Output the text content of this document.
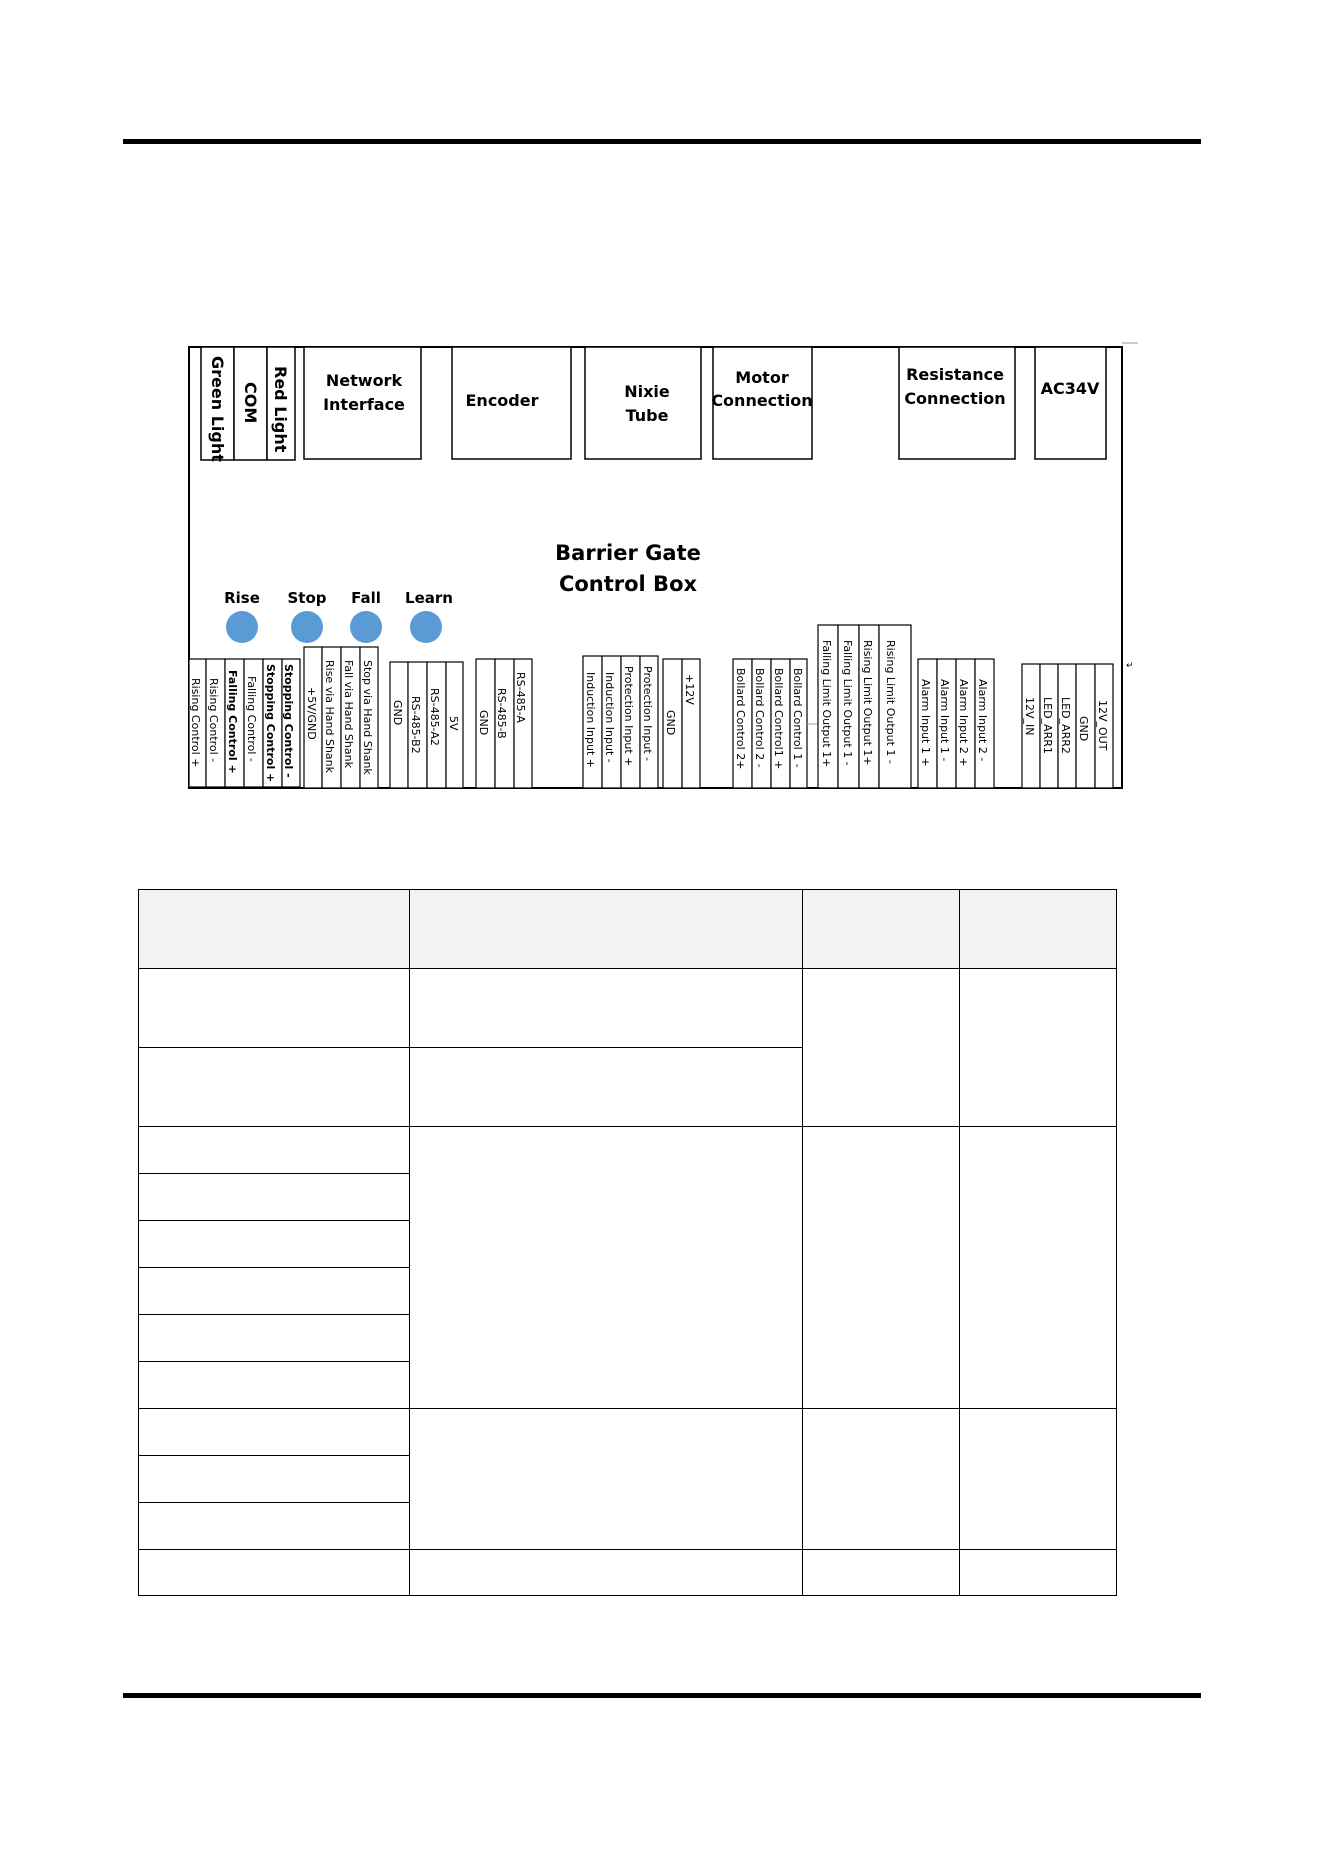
Green Light COM Red Light Network
Interface	Encoder	Nixie
Tube
Motor
Connection
Resistance
Connection
AC34V
Barrier Gate
Control Box
Rise Stop Fall Learn
Rising Control + Rising Control - Falling Control + Falling Control - Stopping Control + Stopping Control - +5V/GND Rise via Hand Shank Fall via Hand Shank Stop via Hand Shank GND RS-485-B2 RS-485-A2 5V GND RS-485-B RS-485-A	Induction Input + Induction Input - Protection Input + Protection Input - GND
+12V	Bollard Control 2+ Bollard Control 2 - Bollard Control1 + Bollard Control 1 - Falling Limit Output 1+ Falling Limit Output 1 - Rising Limit Output 1+ Rising Limit Output 1 - Alarm Input 1 + Alarm Input 1 - Alarm Input 2 + Alarm Input 2 -	12V_IN LED_ARR1 LED_ARR2 GND 12V_OUT
↵
